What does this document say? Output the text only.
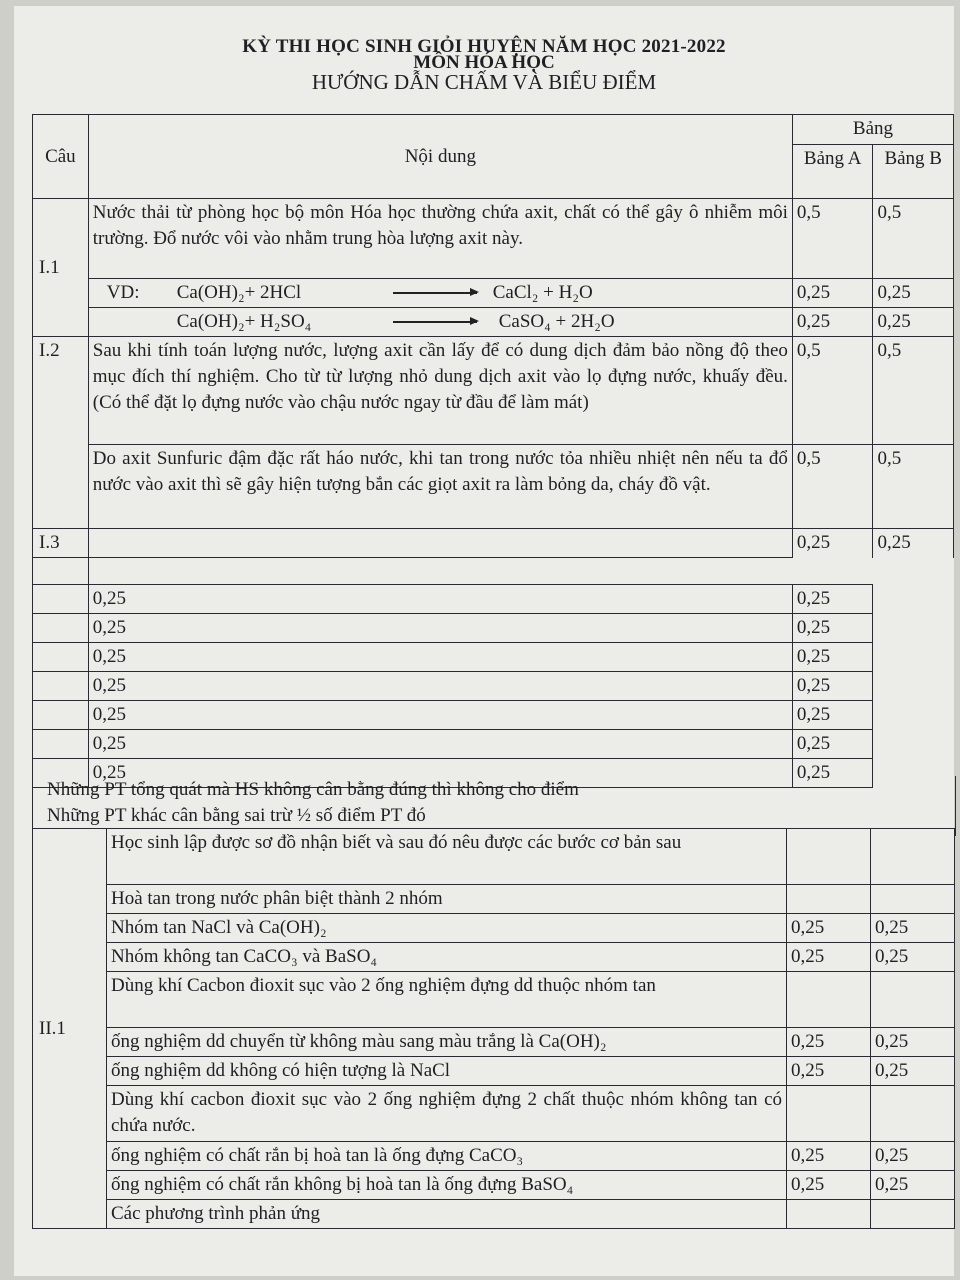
KỲ THI HỌC SINH GIỎI HUYỆN NĂM HỌC 2021-2022
MÔN HÓA HỌC
HƯỚNG DẪN CHẤM VÀ BIỂU ĐIỂM
Câu	Nội dung	Bảng	
		Bảng A	Bảng B
I.1	Nước thải từ phòng học bộ môn Hóa học thường chứa axit, chất có thể gây ô nhiễm môi trường. Đổ nước vôi vào nhằm trung hòa lượng axit này.	0,5	0,5

	VD: Ca(OH)₂+ 2HCl CaCl₂ + H₂O	0,25	0,25

	Ca(OH)₂+ H₂SO₄ CaSO₄ + 2H₂O	0,25	0,25
I.2	Sau khi tính toán lượng nước, lượng axit cần lấy để có dung dịch đảm bảo nồng độ theo mục đích thí nghiệm. Cho từ từ lượng nhỏ dung dịch axit vào lọ đựng nước, khuấy đều. (Có thể đặt lọ đựng nước vào chậu nước ngay từ đầu để làm mát)	0,5	0,5
	Do axit Sunfuric đậm đặc rất háo nước, khi tan trong nước tỏa nhiều nhiệt nên nếu ta đổ nước vào axit thì sẽ gây hiện tượng bắn các giọt axit ra làm bỏng da, cháy đồ vật.	0,5	0,5
I.3		0,25	0,25

	0,25	0,25	

	0,25	0,25	

	0,25	0,25	

	0,25	0,25	

	0,25	0,25	

	0,25	0,25	

	0,25	0,25	
Những PT tổng quát mà HS không cân bằng đúng thì không cho điểm
Những PT khác cân bằng sai trừ ½ số điểm PT đó
II.1	Học sinh lập được sơ đồ nhận biết và sau đó nêu được các bước cơ bản sau		
	Hoà tan trong nước phân biệt thành 2 nhóm		
	Nhóm tan NaCl và Ca(OH)₂	0,25	0,25
	Nhóm không tan CaCO₃ và BaSO₄	0,25	0,25
	Dùng khí Cacbon đioxit sục vào 2 ống nghiệm đựng dd thuộc nhóm tan		
	ống nghiệm dd chuyển từ không màu sang màu trắng là Ca(OH)₂	0,25	0,25
	ống nghiệm dd không có hiện tượng là NaCl	0,25	0,25
	Dùng khí cacbon đioxit sục vào 2 ống nghiệm đựng 2 chất thuộc nhóm không tan có chứa nước.		
	ống nghiệm có chất rắn bị hoà tan là ống đựng CaCO₃	0,25	0,25
	ống nghiệm có chất rắn không bị hoà tan là ống đựng BaSO₄	0,25	0,25
	Các phương trình phản ứng		
